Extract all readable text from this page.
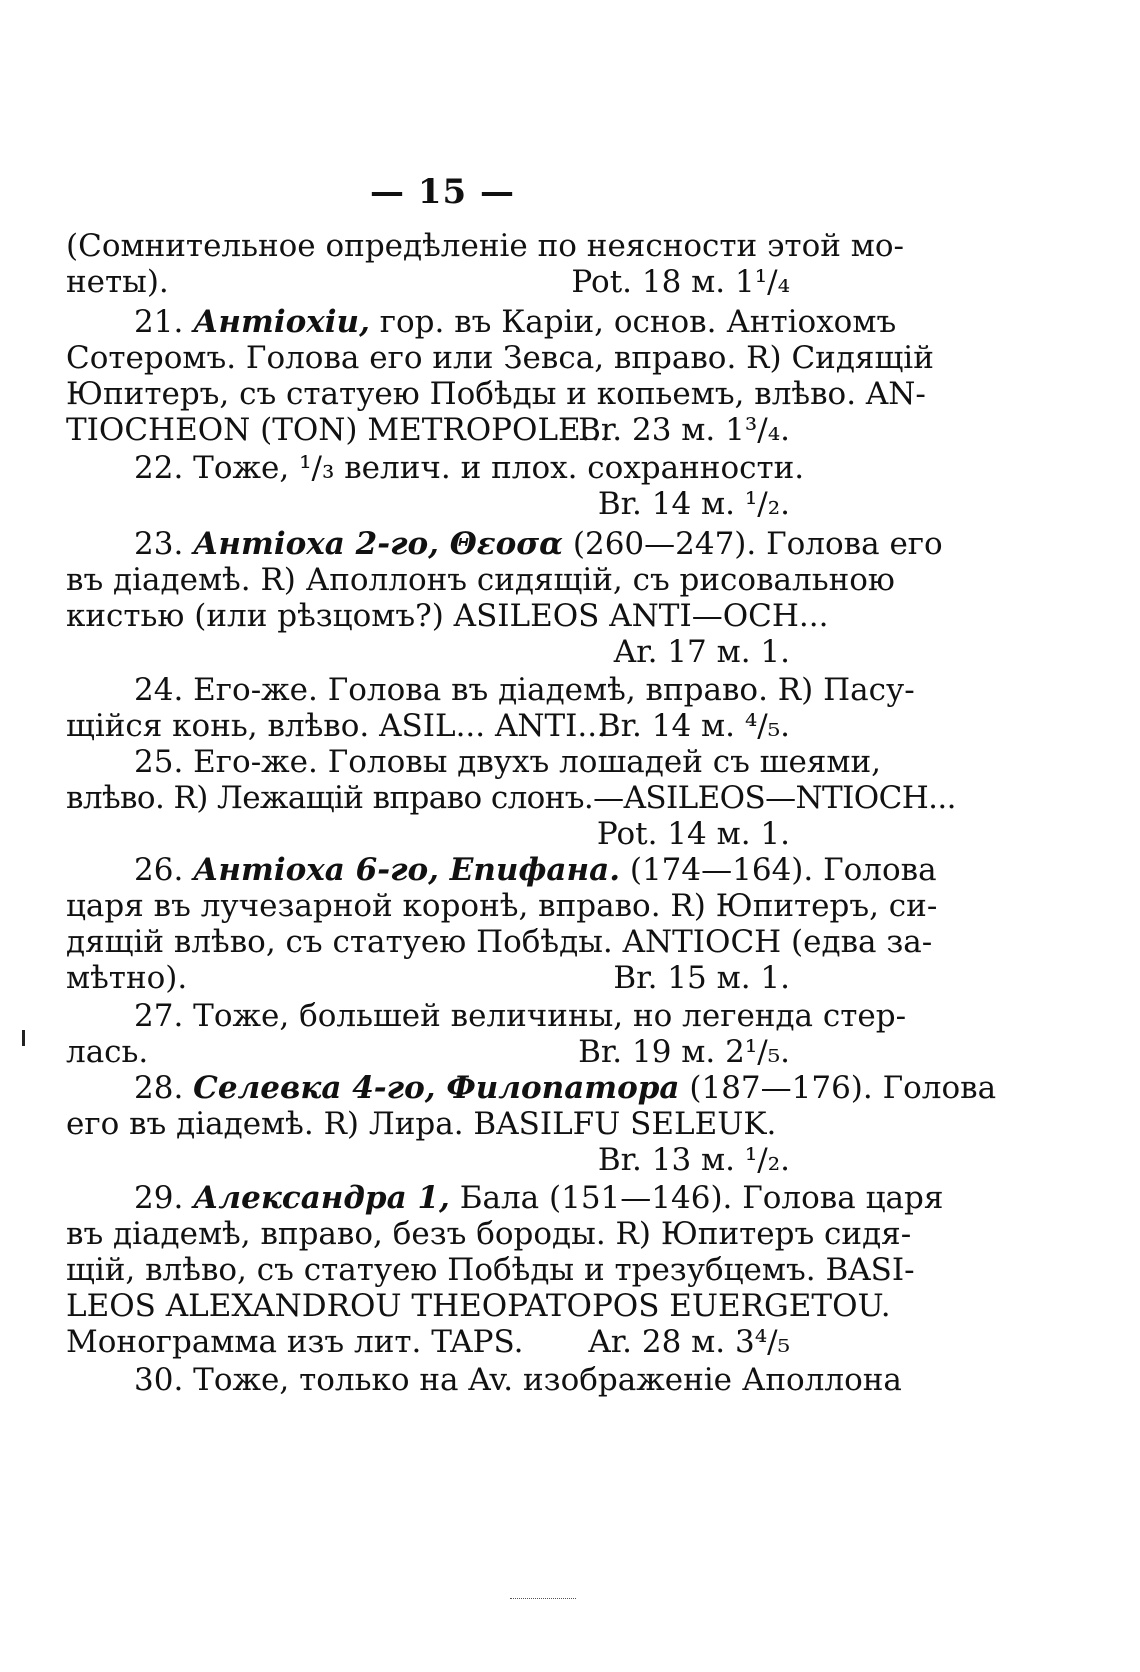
— 15 —
(Сомнительное опредѣленіе по неясности этой мо-
неты).	Pot. 18 м. 1¹/₄
21. Антіохіи, гор. въ Каріи, основ. Антіохомъ
Сотеромъ. Голова его или Зевса, вправо. R) Сидящій
Юпитеръ, съ статуею Побѣды и копьемъ, влѣво. AN-
TIOCHEON (TON) METROPOLE...
Br. 23 м. 1³/₄.
22. Тоже, ¹/₃ велич. и плох. сохранности.
Br. 14 м. ¹/₂.
23. Антіоха 2-го, Θεοσα (260—247). Голова его
въ діадемѣ. R) Аполлонъ сидящій, съ рисовальною
кистью (или рѣзцомъ?) ASILEOS ANTI—OCH...
Ar. 17 м. 1.
24. Его-же. Голова въ діадемѣ, вправо. R) Пасу-
щійся конь, влѣво. ASIL... ANTI...
Br. 14 м. ⁴/₅.
25. Его-же. Головы двухъ лошадей съ шеями,
влѣво. R) Лежащій вправо слонъ.—ASILEOS—NTIOCH...
Pot. 14 м. 1.
26. Антіоха 6-го, Епифана. (174—164). Голова
царя въ лучезарной коронѣ, вправо. R) Юпитеръ, си-
дящій влѣво, съ статуею Побѣды. ANTIOCH (едва за-
мѣтно).	Br. 15 м. 1.
27. Тоже, большей величины, но легенда стер-
лась.	Br. 19 м. 2¹/₅.
28. Селевка 4-го, Филопатора (187—176). Голова
его въ діадемѣ. R) Лира. BASILFU SELEUK.
Br. 13 м. ¹/₂.
29. Александра 1, Бала (151—146). Голова царя
въ діадемѣ, вправо, безъ бороды. R) Юпитеръ сидя-
щій, влѣво, съ статуею Побѣды и трезубцемъ. BASI-
LEOS ALEXANDROU THEOPATOPOS EUERGETOU.
Монограмма изъ лит. TAPS.	Ar. 28 м. 3⁴/₅
30. Тоже, только на Av. изображеніе Аполлона
